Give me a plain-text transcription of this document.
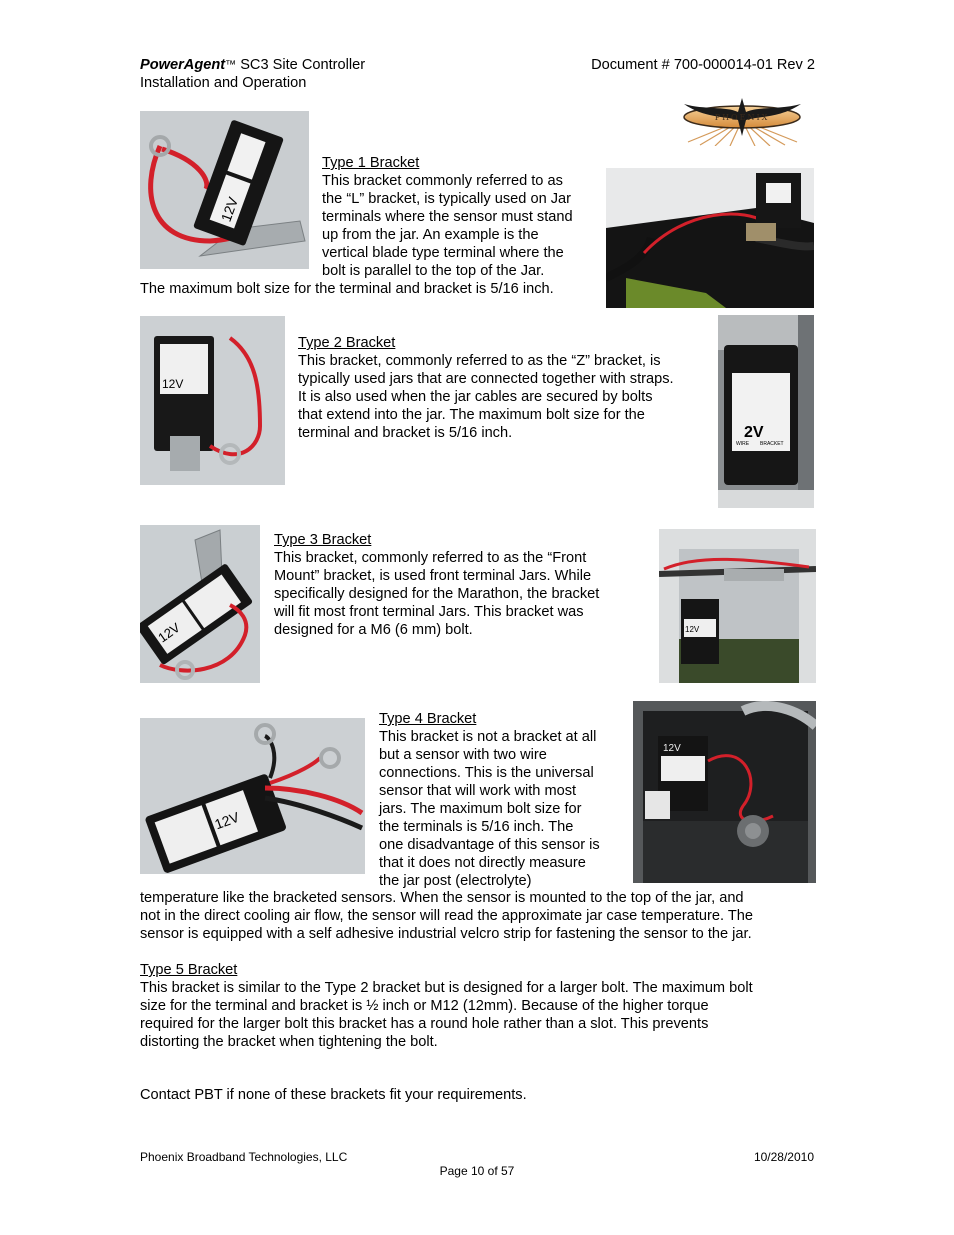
PowerAgent™ SC3 Site Controller
Installation and Operation
Document # 700-000014-01 Rev 2
PHOENIX
12V
Type 1 Bracket
This bracket commonly referred to as
the “L” bracket, is typically used on Jar
terminals where the sensor must stand
up from the jar. An example is the
vertical blade type terminal where the
bolt is parallel to the top of the Jar.
The maximum bolt size for the terminal and bracket is 5/16 inch.
12V
Type 2 Bracket
This bracket, commonly referred to as the “Z” bracket, is
typically used jars that are connected together with straps.
It is also used when the jar cables are secured by bolts
that extend into the jar. The maximum bolt size for the
terminal and bracket is 5/16 inch.	2V
WIRE BRACKET
12V
Type 3 Bracket
This bracket, commonly referred to as the “Front
Mount” bracket, is used front terminal Jars. While
specifically designed for the Marathon, the bracket
will fit most front terminal Jars. This bracket was
designed for a M6 (6 mm) bolt.	12V
12V
Type 4 Bracket
This bracket is not a bracket at all
but a sensor with two wire
connections. This is the universal
sensor that will work with most
jars. The maximum bolt size for
the terminals is 5/16 inch. The
one disadvantage of this sensor is
that it does not directly measure
the jar post (electrolyte)
12V
temperature like the bracketed sensors. When the sensor is mounted to the top of the jar, and
not in the direct cooling air flow, the sensor will read the approximate jar case temperature. The
sensor is equipped with a self adhesive industrial velcro strip for fastening the sensor to the jar.
Type 5 Bracket
This bracket is similar to the Type 2 bracket but is designed for a larger bolt. The maximum bolt
size for the terminal and bracket is ½ inch or M12 (12mm). Because of the higher torque
required for the larger bolt this bracket has a round hole rather than a slot. This prevents
distorting the bracket when tightening the bolt.
Contact PBT if none of these brackets fit your requirements.
Phoenix Broadband Technologies, LLC	10/28/2010
Page 10 of 57
